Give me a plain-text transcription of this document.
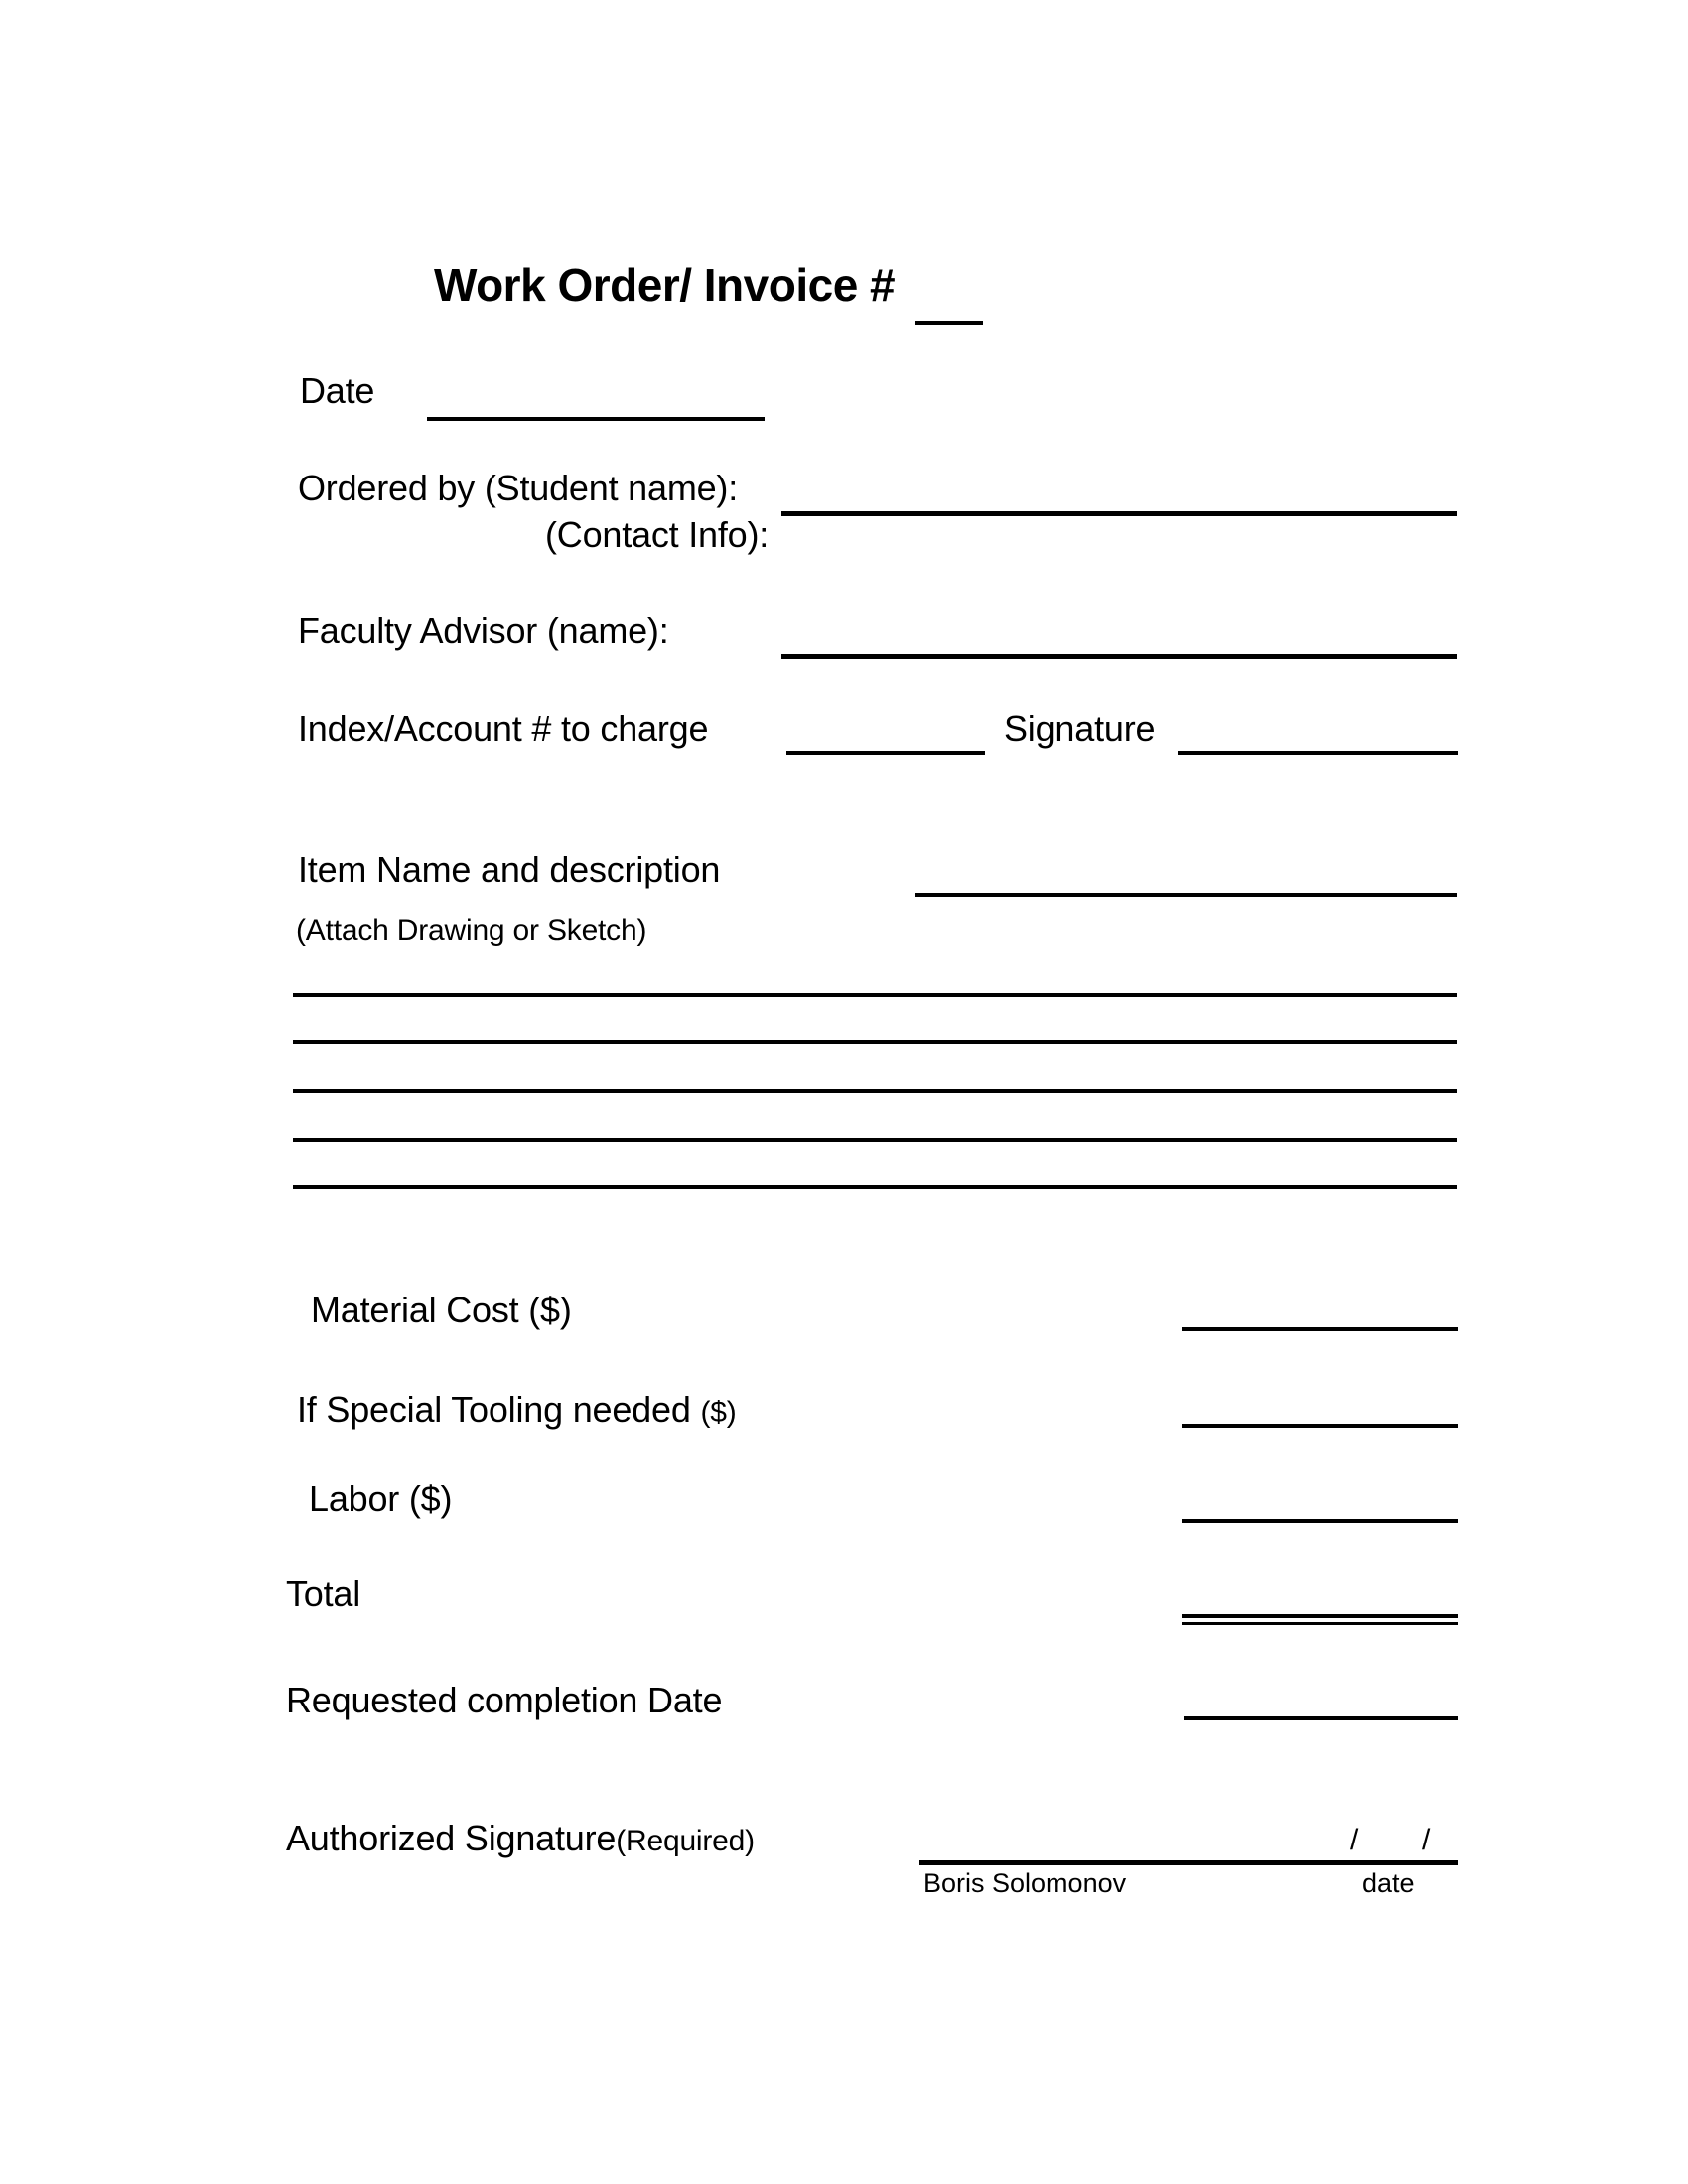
Work Order/ Invoice #
Date
Ordered by (Student name):
(Contact Info):
Faculty Advisor (name):
Index/Account # to charge	Signature
Item Name and description
(Attach Drawing or Sketch)
Material Cost ($)
If Special Tooling needed ($)
Labor ($)
Total
Requested completion Date
Authorized Signature(Required)	/ /
Boris Solomonov	date
